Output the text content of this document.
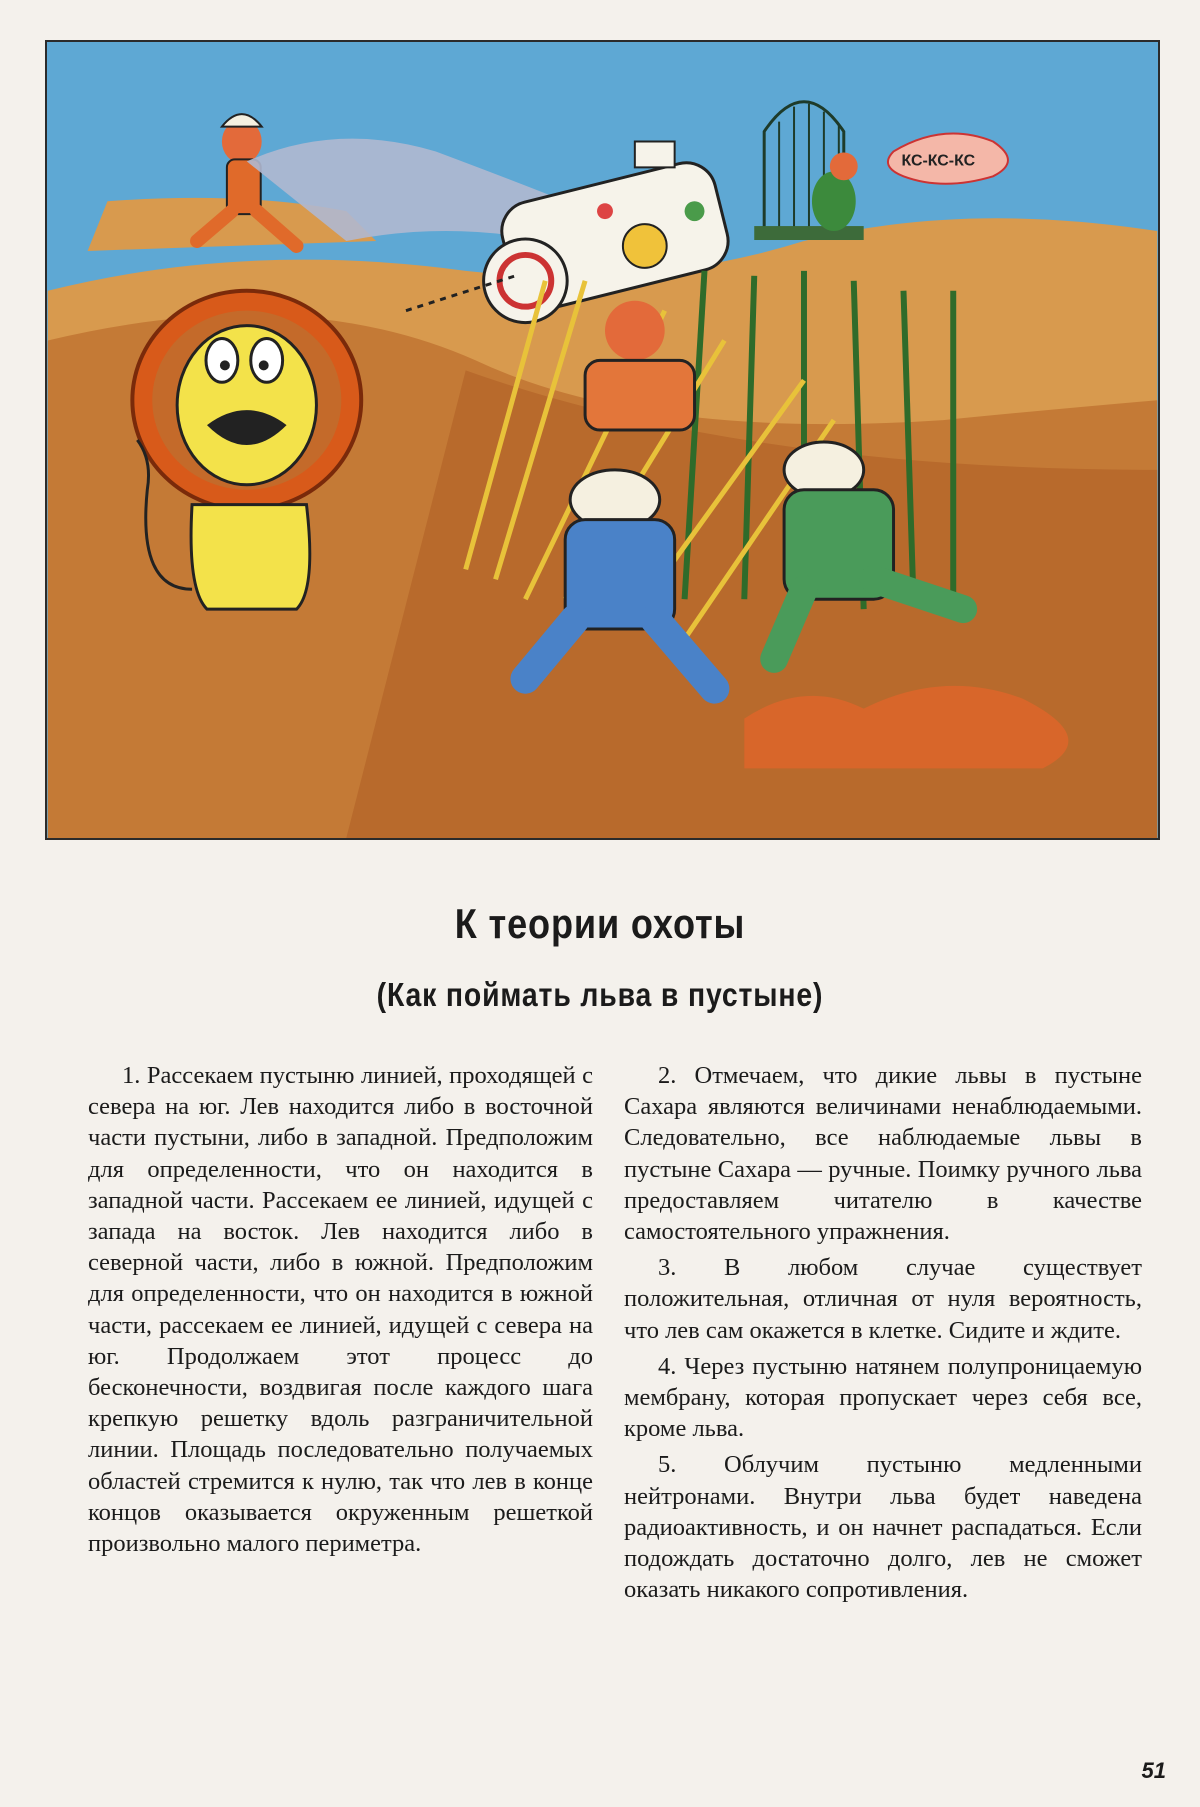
КС-КС-КС
К теории охоты
(Как поймать льва в пустыне)

1. Рассекаем пустыню линией, проходящей с севера на юг. Лев находится либо в восточной части пустыни, либо в западной. Предположим для определенности, что он находится в западной части. Рассекаем ее линией, идущей с запада на восток. Лев находится либо в северной части, либо в южной. Предположим для определенности, что он находится в южной части, рассекаем ее линией, идущей с севера на юг. Продолжаем этот процесс до бесконечности, воздвигая после каждого шага крепкую решетку вдоль разграничительной линии. Площадь последовательно получаемых областей стремится к нулю, так что лев в конце концов оказывается окруженным решеткой произвольно малого периметра.

2. Отмечаем, что дикие львы в пустыне Сахара являются величинами ненаблюдаемыми. Следовательно, все наблюдаемые львы в пустыне Сахара — ручные. Поимку ручного льва предоставляем читателю в качестве самостоятельного упражнения.

3. В любом случае существует положительная, отличная от нуля вероятность, что лев сам окажется в клетке. Сидите и ждите.

4. Через пустыню натянем полупроницаемую мембрану, которая пропускает через себя все, кроме льва.

5. Облучим пустыню медленными нейтронами. Внутри льва будет наведена радиоактивность, и он начнет распадаться. Если подождать достаточно долго, лев не сможет оказать никакого сопротивления.

51
